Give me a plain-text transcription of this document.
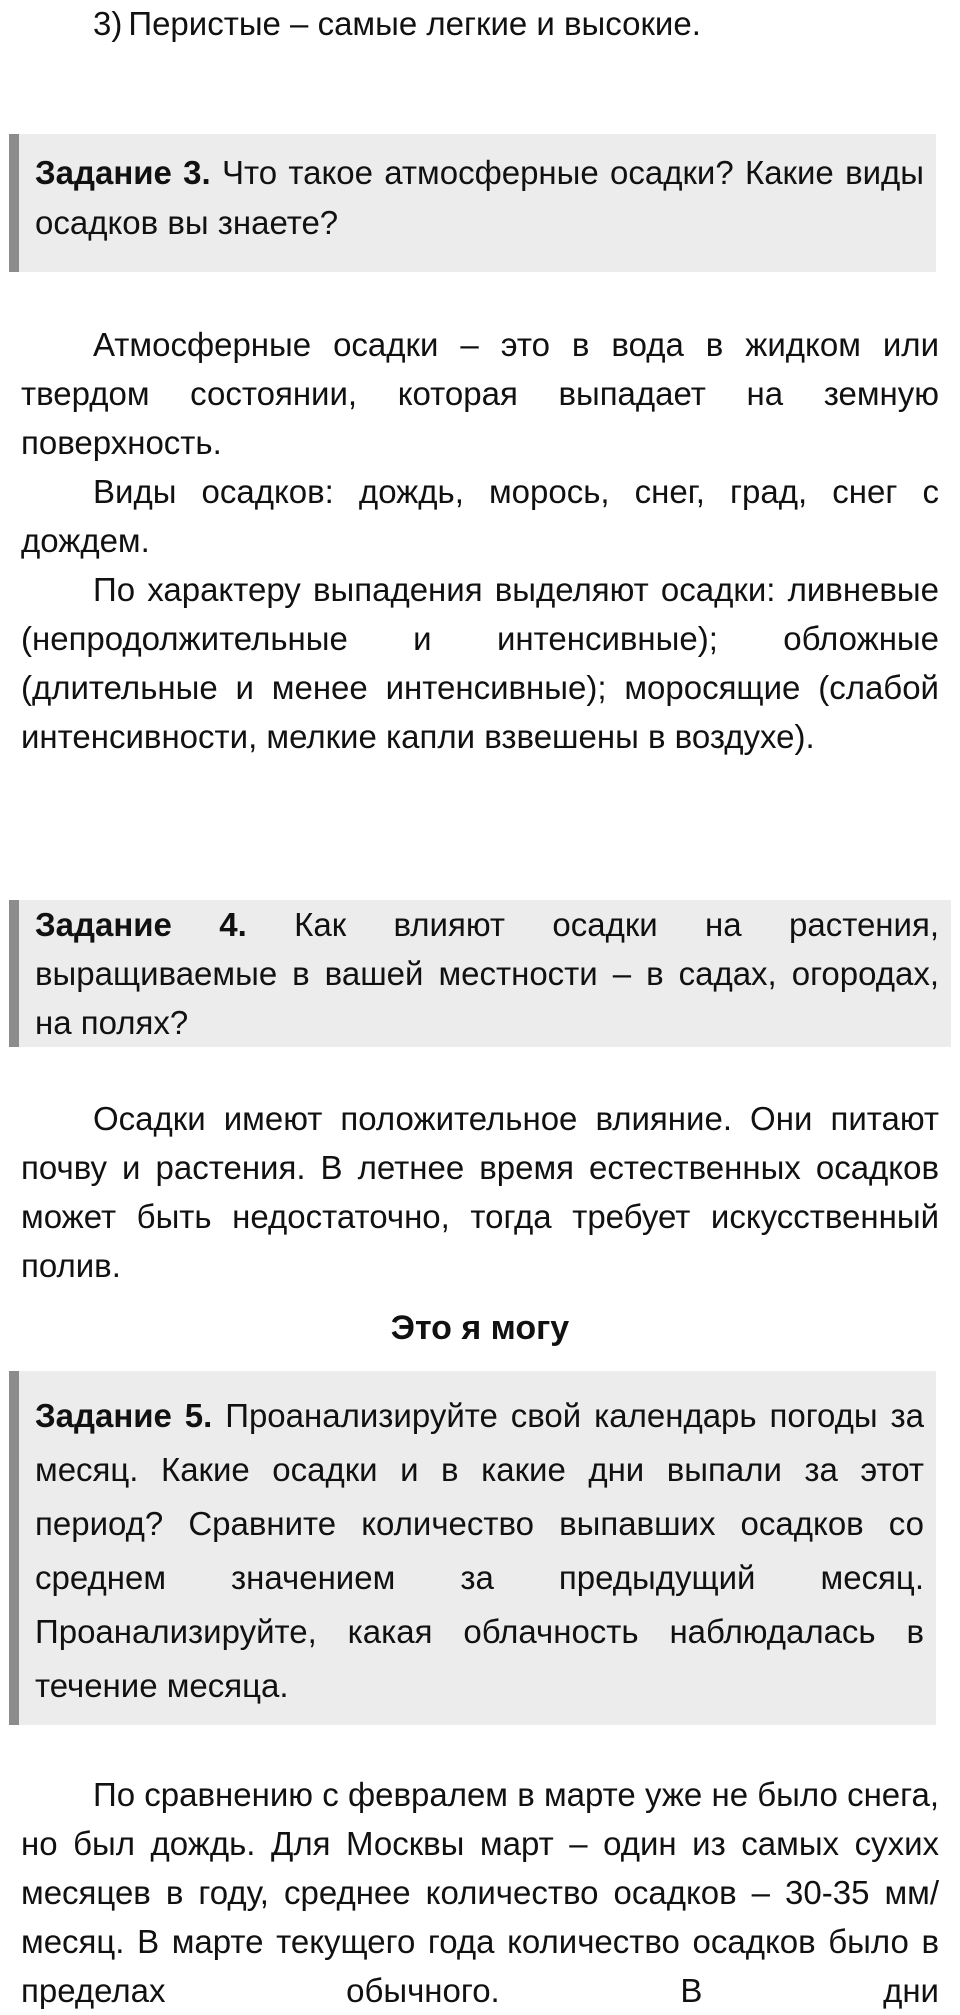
3) Перистые – самые легкие и высокие.
Задание 3. Что такое атмосферные осадки? Какие виды осадков вы знаете?

Атмосферные осадки – это в вода в жидком или твердом состоянии, которая выпадает на земную поверхность.

Виды осадков: дождь, морось, снег, град, снег с дождем.

По характеру выпадения выделяют осадки: ливневые (непродолжительные и интенсивные); обложные (длительные и менее интенсивные); моросящие (слабой интенсивности, мелкие капли взвешены в воздухе).

Задание 4. Как влияют осадки на растения, выращиваемые в вашей местности – в садах, огородах, на полях?

Осадки имеют положительное влияние. Они питают почву и растения. В летнее время естественных осадков может быть недостаточно, тогда требует искусственный полив.

Это я могу
Задание 5. Проанализируйте свой календарь погоды за месяц. Какие осадки и в какие дни выпали за этот период? Сравните количество выпавших осадков со среднем значением за предыдущий месяц. Проанализируйте, какая облачность наблюдалась в течение месяца.

По сравнению с февралем в марте уже не было снега, но был дождь. Для Москвы март – один из самых сухих месяцев в году, среднее количество осадков – 30-35 мм/месяц. В марте текущего года количество осадков было в пределах обычного. В дни
